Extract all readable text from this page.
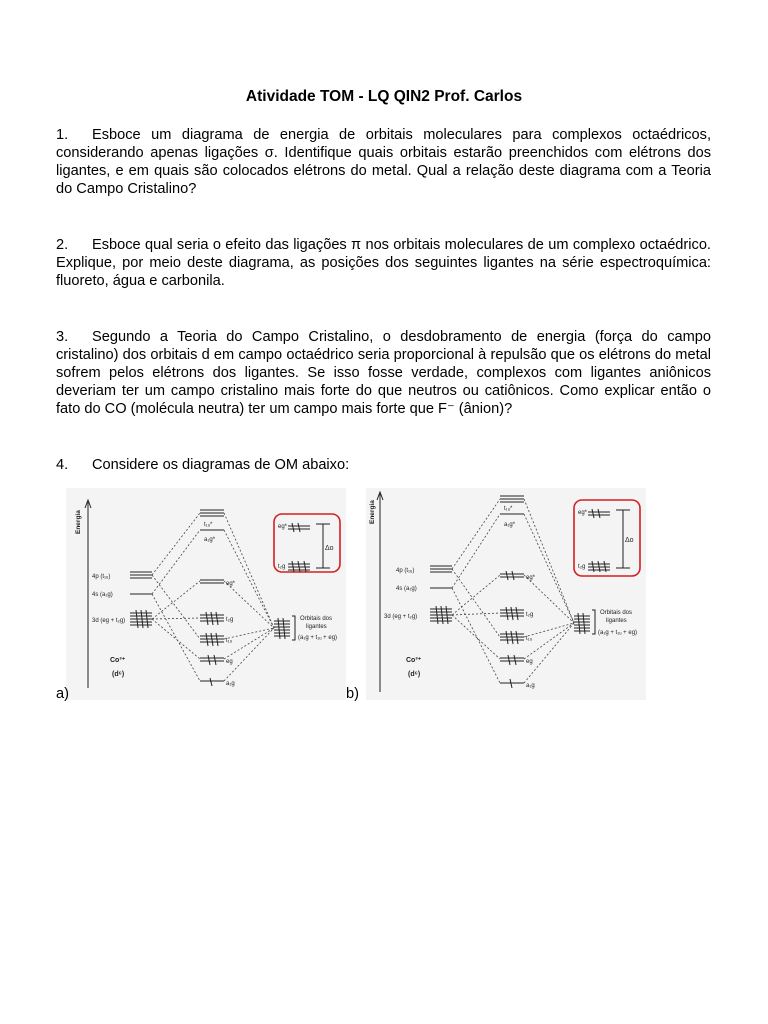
Atividade TOM - LQ QIN2 Prof. Carlos
1. Esboce um diagrama de energia de orbitais moleculares para complexos octaédricos, considerando apenas ligações σ. Identifique quais orbitais estarão preenchidos com elétrons dos ligantes, e em quais são colocados elétrons do metal. Qual a relação deste diagrama com a Teoria do Campo Cristalino?
2. Esboce qual seria o efeito das ligações π nos orbitais moleculares de um complexo octaédrico. Explique, por meio deste diagrama, as posições dos seguintes ligantes na série espectroquímica: fluoreto, água e carbonila.
3. Segundo a Teoria do Campo Cristalino, o desdobramento de energia (força do campo cristalino) dos orbitais d em campo octaédrico seria proporcional à repulsão que os elétrons do metal sofrem pelos elétrons dos ligantes. Se isso fosse verdade, complexos com ligantes aniônicos deveriam ter um campo cristalino mais forte do que neutros ou catiônicos. Como explicar então o fato do CO (molécula neutra) ter um campo mais forte que F⁻ (ânion)?
4. Considere os diagramas de OM abaixo:
Energia
4p (t₁ᵤ)
4s (a₁g)
3d (eg + t₂g)
Co³⁺
(d⁶)
t₁ᵤ*
a₁g*
eg*
t₂g
t₁ᵤ
eg
a₁g
Orbitais dos
ligantes
(a₁g + t₁ᵤ + eg)
eg*
t₂g
Δo
Energia
4p (t₁ᵤ)
4s (a₁g)
3d (eg + t₂g)
Co³⁺
(d⁶)
t₁ᵤ*
a₁g*
eg*
t₂g
t₁ᵤ
eg
a₁g
Orbitais dos
ligantes
(a₁g + t₁ᵤ + eg)
eg*
t₂g
Δo
a)	b)
